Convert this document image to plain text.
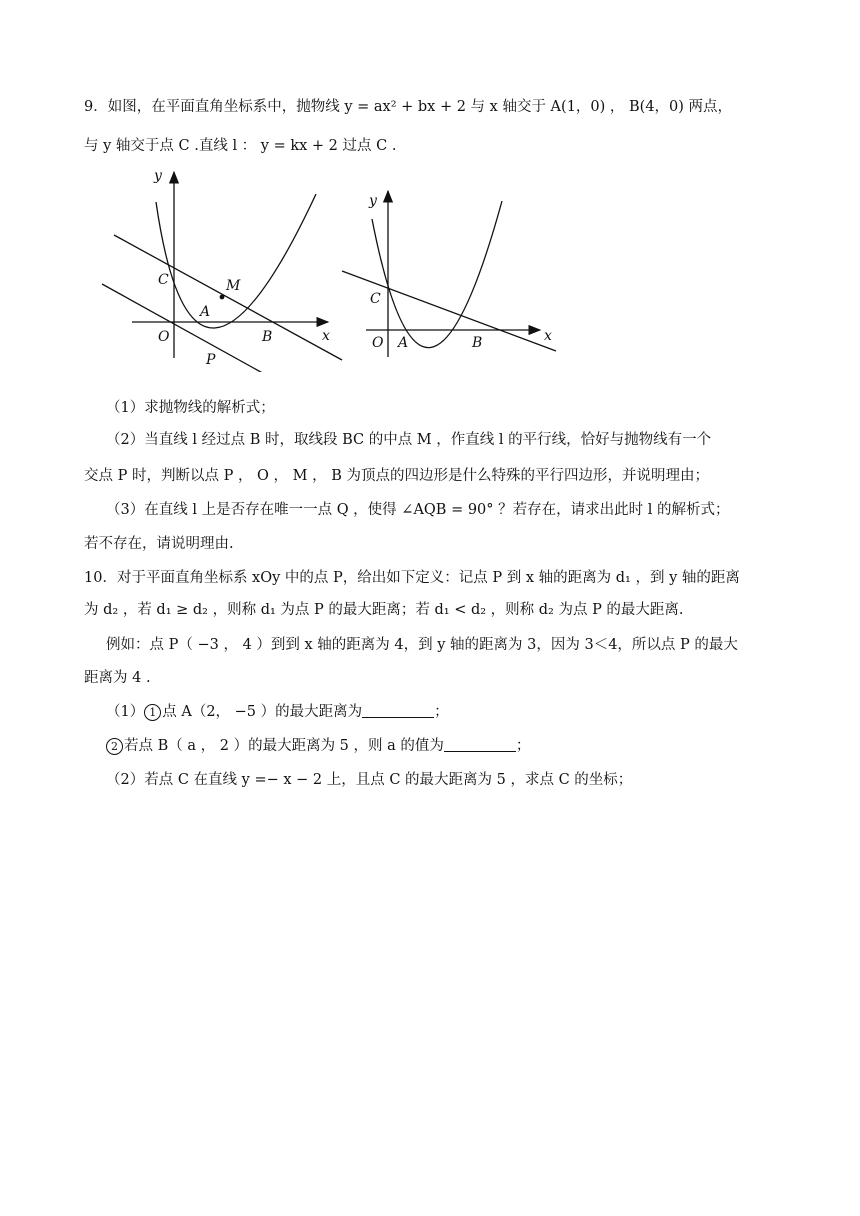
9．如图，在平面直角坐标系中，抛物线 y = ax² + bx + 2 与 x 轴交于 A(1，0) ， B(4，0) 两点，
与 y 轴交于点 C .直线 l ： y = kx + 2 过点 C .
y
x
C	M
A
O	B
P
y
x
C
O A	B
（1）求抛物线的解析式；
（2）当直线 l 经过点 B 时，取线段 BC 的中点 M ，作直线 l 的平行线，恰好与抛物线有一个
交点 P 时，判断以点 P ， O ， M ， B 为顶点的四边形是什么特殊的平行四边形，并说明理由；
（3）在直线 l 上是否存在唯一一点 Q ，使得 ∠AQB = 90° ？若存在，请求出此时 l 的解析式；
若不存在，请说明理由.
10．对于平面直角坐标系 xOy 中的点 P，给出如下定义：记点 P 到 x 轴的距离为 d₁ ，到 y 轴的距离
为 d₂ ，若 d₁ ≥ d₂ ，则称 d₁ 为点 P 的最大距离；若 d₁ < d₂ ，则称 d₂ 为点 P 的最大距离.
例如：点 P（ −3 ， 4 ）到到 x 轴的距离为 4，到 y 轴的距离为 3，因为 3＜4，所以点 P 的最大
距离为 4 .
（1） 1 点 A（2， −5 ）的最大距离为	；
2 若点 B（ a ， 2 ）的最大距离为 5 ，则 a 的值为	；
（2）若点 C 在直线 y =− x − 2 上，且点 C 的最大距离为 5 ，求点 C 的坐标；
